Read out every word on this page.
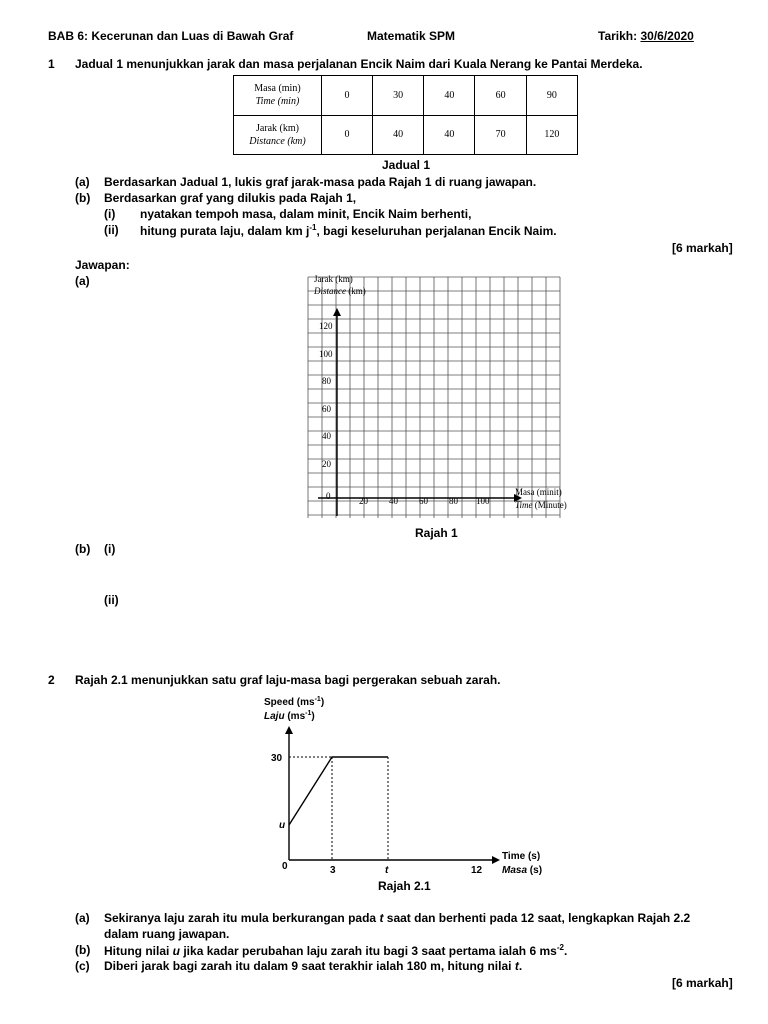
BAB 6: Kecerunan dan Luas di Bawah Graf	Matematik SPM	Tarikh: 30/6/2020
1 Jadual 1 menunjukkan jarak dan masa perjalanan Encik Naim dari Kuala Nerang ke Pantai Merdeka.
Masa (min)
Time (min)	0	30	40	60	90

Jarak (km)
Distance (km)	0	40	40	70	120
Jadual 1
(a) Berdasarkan Jadual 1, lukis graf jarak-masa pada Rajah 1 di ruang jawapan.
(b) Berdasarkan graf yang dilukis pada Rajah 1,
(i) nyatakan tempoh masa, dalam minit, Encik Naim berhenti,
(ii) hitung purata laju, dalam km $j^{-1}$, bagi keseluruhan perjalanan Encik Naim.
[6 markah]
Jawapan:
(a)	Jarak (km)
Distance (km)
0
120
100
80
60
40
20
20 40 60 80 100
Masa (minit)
Time (Minute)
Rajah 1
(b) (i)
(ii)
2 Rajah 2.1 menunjukkan satu graf laju-masa bagi pergerakan sebuah zarah.
Speed $(ms^{-1})$
Laju $(ms^{-1})$
30
u
0	3	t	12
Time (s)
Masa (s)
Rajah 2.1
(a) Sekiranya laju zarah itu mula berkurangan pada t saat dan berhenti pada 12 saat, lengkapkan Rajah 2.2
dalam ruang jawapan.
(b) Hitung nilai u jika kadar perubahan laju zarah itu bagi 3 saat pertama ialah 6 $ms^{-2}$.
(c) Diberi jarak bagi zarah itu dalam 9 saat terakhir ialah 180 m, hitung nilai t.
[6 markah]
